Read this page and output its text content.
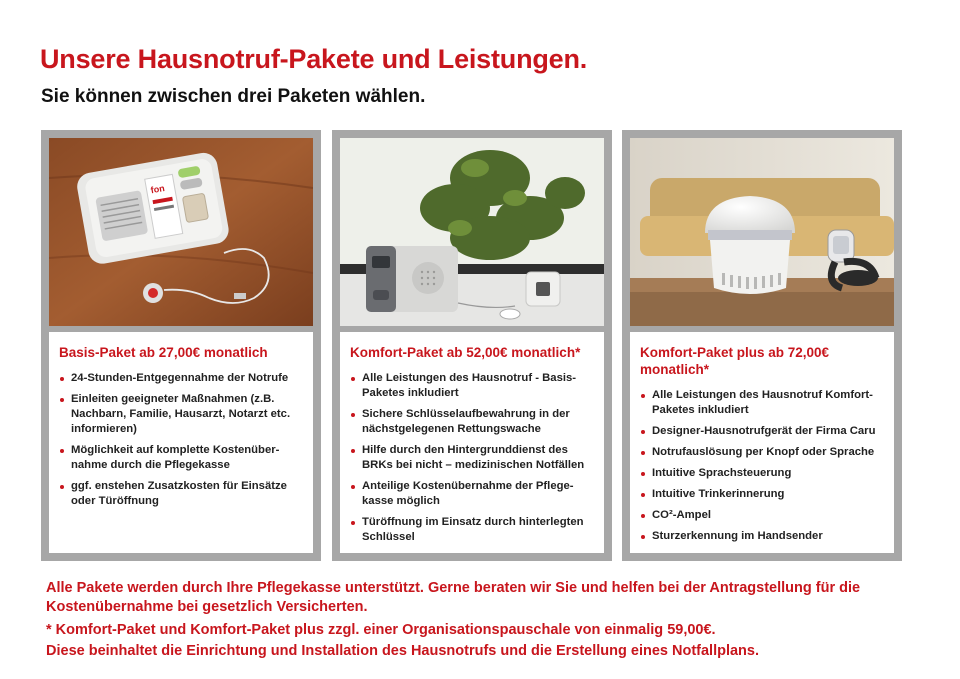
Unsere Hausnotruf-Pakete und Leistungen.
Sie können zwischen drei Paketen wählen.
fon
Basis-Paket ab 27,00€ monatlich
24-Stunden-Entgegennahme der Notrufe
Einleiten geeigneter Maßnahmen (z.B. Nachbarn, Familie, Hausarzt, Notarzt etc. informieren)
Möglichkeit auf komplette Kostenüber-nahme durch die Pflegekasse
ggf. enstehen Zusatzkosten für Einsätze oder Türöffnung
Komfort-Paket ab 52,00€ monatlich*
Alle Leistungen des Hausnotruf - Basis-Paketes inkludiert
Sichere Schlüsselaufbewahrung in der nächstgelegenen Rettungswache
Hilfe durch den Hintergrunddienst des BRKs bei nicht – medizinischen Notfällen
Anteilige Kostenübernahme der Pflege-kasse möglich
Türöffnung im Einsatz durch hinterlegten Schlüssel
Komfort-Paket plus ab 72,00€ monatlich*
Alle Leistungen des Hausnotruf Komfort-Paketes inkludiert
Designer-Hausnotrufgerät der Firma Caru
Notrufauslösung per Knopf oder Sprache
Intuitive Sprachsteuerung
Intuitive Trinkerinnerung
CO²-Ampel
Sturzerkennung im Handsender

Alle Pakete werden durch Ihre Pflegekasse unterstützt. Gerne beraten wir Sie und helfen bei der Antragstellung für die Kostenübernahme bei gesetzlich Versicherten.

* Komfort-Paket und Komfort-Paket plus zzgl. einer Organisationspauschale von einmalig 59,00€.

Diese beinhaltet die Einrichtung und Installation des Hausnotrufs und die Erstellung eines Notfallplans.
